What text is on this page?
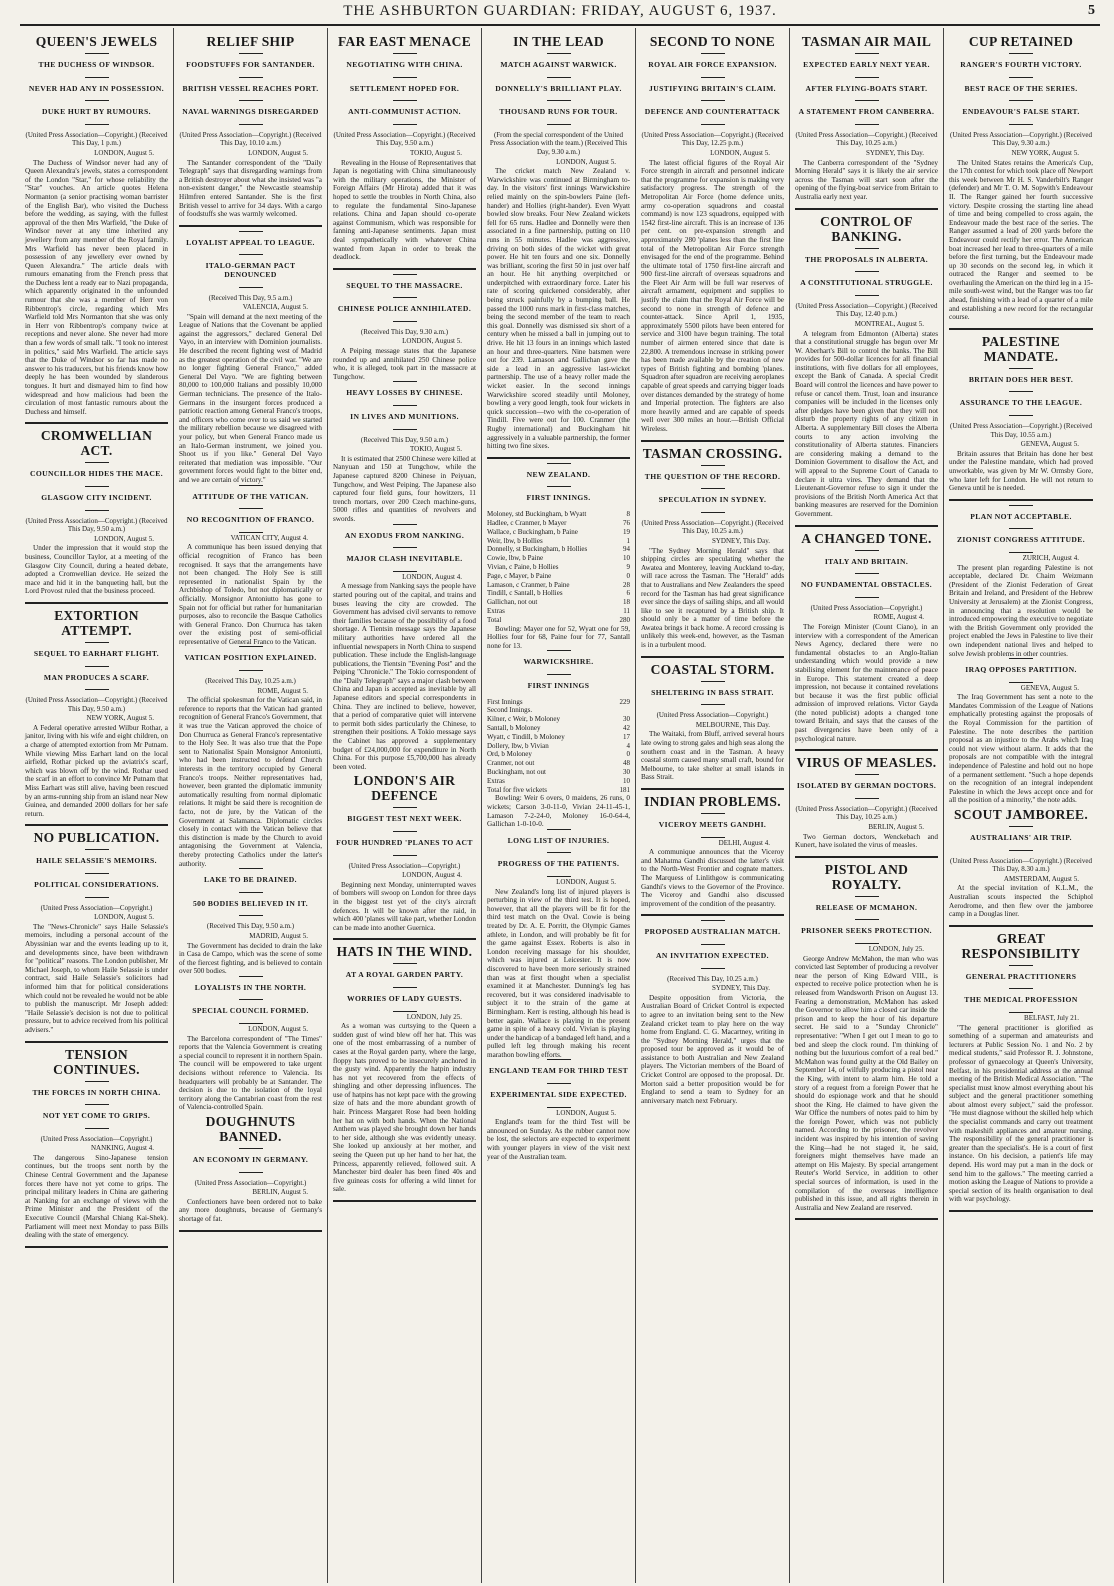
THE ASHBURTON GUARDIAN: FRIDAY, AUGUST 6, 1937.	5
QUEEN'S JEWELS
THE DUCHESS OF WINDSOR.
NEVER HAD ANY IN POSSESSION.
DUKE HURT BY RUMOURS.
(United Press Association—Copyright.) (Received This Day, 1 p.m.)
LONDON, August 5.
The Duchess of Windsor never had any of Queen Alexandra's jewels, states a correspondent of the London "Star," for whose reliability the "Star" vouches. An article quotes Helena Normanton (a senior practising woman barrister of the English Bar), who visited the Duchess before the wedding, as saying, with the fullest approval of the then Mrs Warfield, "the Duke of Windsor never at any time inherited any jewellery from any member of the Royal family. Mrs Warfield has never been placed in possession of any jewellery ever owned by Queen Alexandra." The article deals with rumours emanating from the French press that the Duchess lent a ready ear to Nazi propaganda, which apparently originated in the unfounded rumour that she was a member of Herr von Ribbentrop's circle, regarding which Mrs Warfield told Mrs Normanton that she was only in Herr von Ribbentrop's company twice at receptions and never alone. She never had more than a few words of small talk. "I took no interest in politics," said Mrs Warfield. The article says that the Duke of Windsor so far has made no answer to his traducers, but his friends know how deeply he has been wounded by slanderous tongues. It hurt and dismayed him to find how widespread and how malicious had been the circulation of most fantastic rumours about the Duchess and himself.
CROMWELLIAN ACT.
COUNCILLOR HIDES THE MACE.
GLASGOW CITY INCIDENT.
(United Press Association—Copyright.) (Received This Day, 9.50 a.m.)
LONDON, August 5.
Under the impression that it would stop the business, Councillor Taylor, at a meeting of the Glasgow City Council, during a heated debate, adopted a Cromwellian device. He seized the mace and hid it in the banqueting hall, but the Lord Provost ruled that the business proceed.
EXTORTION ATTEMPT.
SEQUEL TO EARHART FLIGHT.
MAN PRODUCES A SCARF.
(United Press Association—Copyright.) (Received This Day, 9.50 a.m.)
NEW YORK, August 5.
A Federal operative arrested Wilbur Rothar, a janitor, living with his wife and eight children, on a charge of attempted extortion from Mr Putnam. While viewing Miss Earhart land on the local airfield, Rothar picked up the aviatrix's scarf, which was blown off by the wind. Rothar used the scarf in an effort to convince Mr Putnam that Miss Earhart was still alive, having been rescued by an arms-running ship from an island near New Guinea, and demanded 2000 dollars for her safe return.
NO PUBLICATION.
HAILE SELASSIE'S MEMOIRS.
POLITICAL CONSIDERATIONS.
(United Press Association—Copyright.)
LONDON, August 5.
The "News-Chronicle" says Haile Selassie's memoirs, including a personal account of the Abyssinian war and the events leading up to it, and developments since, have been withdrawn for "political" reasons. The London publisher, Mr Michael Joseph, to whom Haile Selassie is under contract, said Haile Selassie's solicitors had informed him that for political considerations which could not be revealed he would not be able to publish the manuscript. Mr Joseph added: "Haile Selassie's decision is not due to political pressure, but to advice received from his political advisers."
TENSION CONTINUES.
THE FORCES IN NORTH CHINA.
NOT YET COME TO GRIPS.
(United Press Association—Copyright.)
NANKING, August 4.
The dangerous Sino-Japanese tension continues, but the troops sent north by the Chinese Central Government and the Japanese forces there have not yet come to grips. The principal military leaders in China are gathering at Nanking for an exchange of views with the Prime Minister and the President of the Executive Council (Marshal Chiang Kai-Shek). Parliament will meet next Monday to pass Bills dealing with the state of emergency.
RELIEF SHIP
FOODSTUFFS FOR SANTANDER.
BRITISH VESSEL REACHES PORT.
NAVAL WARNINGS DISREGARDED
(United Press Association—Copyright.) (Received This Day, 10.10 a.m.)
LONDON, August 5.
The Santander correspondent of the "Daily Telegraph" says that disregarding warnings from a British destroyer about what she insisted was "a non-existent danger," the Newcastle steamship Hilmfren entered Santander. She is the first British vessel to arrive for 34 days. With a cargo of foodstuffs she was warmly welcomed.
LOYALIST APPEAL TO LEAGUE.
ITALO-GERMAN PACT DENOUNCED
(Received This Day, 9.5 a.m.)
VALENCIA, August 5.
"Spain will demand at the next meeting of the League of Nations that the Covenant be applied against the aggressors," declared General Del Vayo, in an interview with Dominion journalists. He described the recent fighting west of Madrid as the greatest operation of the civil war. "We are no longer fighting General Franco," added General Del Vayo. "We are fighting between 80,000 to 100,000 Italians and possibly 10,000 German technicians. The presence of the Italo-Germans in the insurgent forces produced a patriotic reaction among General Franco's troops, and officers who come over to us said we started the military rebellion because we disagreed with your policy, but when General Franco made us an Italo-German instrument, we joined you. Shoot us if you like." General Del Vayo reiterated that mediation was impossible. "Our government forces would fight to the bitter end, and we are certain of victory."
ATTITUDE OF THE VATICAN.
NO RECOGNITION OF FRANCO.
VATICAN CITY, August 4.
A communique has been issued denying that official recognition of Franco has been recognised. It says that the arrangements have not been changed. The Holy See is still represented in nationalist Spain by the Archbishop of Toledo, but not diplomatically or officially. Monsignor Antoniutto has gone to Spain not for official but rather for humanitarian purposes, also to reconcile the Basque Catholics with General Franco. Don Churruca has taken over the existing post of semi-official representative of General Franco to the Vatican.
VATICAN POSITION EXPLAINED.
(Received This Day, 10.25 a.m.)
ROME, August 5.
The official spokesman for the Vatican said, in reference to reports that the Vatican had granted recognition of General Franco's Government, that it was true the Vatican approved the choice of Don Churruca as General Franco's representative to the Holy See. It was also true that the Pope sent to Nationalist Spain Monsignor Antoniutti, who had been instructed to defend Church interests in the territory occupied by General Franco's troops. Neither representatives had, however, been granted the diplomatic immunity automatically resulting from normal diplomatic relations. It might be said there is recognition de facto, not de jure, by the Vatican of the Government at Salamanca. Diplomatic circles closely in contact with the Vatican believe that this distinction is made by the Church to avoid antagonising the Government at Valencia, thereby protecting Catholics under the latter's authority.
LAKE TO BE DRAINED.
500 BODIES BELIEVED IN IT.
(Received This Day, 9.50 a.m.)
MADRID, August 5.
The Government has decided to drain the lake in Casa de Campo, which was the scene of some of the fiercest fighting, and is believed to contain over 500 bodies.
LOYALISTS IN THE NORTH.
SPECIAL COUNCIL FORMED.
LONDON, August 5.
The Barcelona correspondent of "The Times" reports that the Valencia Government is creating a special council to represent it in northern Spain. The council will be empowered to take urgent decisions without reference to Valencia. Its headquarters will probably be at Santander. The decision is due to the isolation of the loyal territory along the Cantabrian coast from the rest of Valencia-controlled Spain.
DOUGHNUTS BANNED.
AN ECONOMY IN GERMANY.
(United Press Association—Copyright.)
BERLIN, August 5.
Confectioners have been ordered not to bake any more doughnuts, because of Germany's shortage of fat.
FAR EAST MENACE
NEGOTIATING WITH CHINA.
SETTLEMENT HOPED FOR.
ANTI-COMMUNIST ACTION.
(United Press Association—Copyright.) (Received This Day, 9.50 a.m.)
TOKIO, August 5.
Revealing in the House of Representatives that Japan is negotiating with China simultaneously with the military operations, the Minister of Foreign Affairs (Mr Hirota) added that it was hoped to settle the troubles in North China, also to regulate the fundamental Sino-Japanese relations. China and Japan should co-operate against Communism, which was responsible for fanning anti-Japanese sentiments. Japan must deal sympathetically with whatever China wanted from Japan in order to break the deadlock.
SEQUEL TO THE MASSACRE.
CHINESE POLICE ANNIHILATED.
(Received This Day, 9.30 a.m.)
LONDON, August 5.
A Peiping message states that the Japanese rounded up and annihilated 250 Chinese police who, it is alleged, took part in the massacre at Tungchow.
HEAVY LOSSES BY CHINESE.
IN LIVES AND MUNITIONS.
(Received This Day, 9.50 a.m.)
TOKIO, August 5.
It is estimated that 2500 Chinese were killed at Nanyuan and 150 at Tungchow, while the Japanese captured 8200 Chinese in Peiyuan, Tungchow, and West Peiping. The Japanese also captured four field guns, four howitzers, 11 trench mortars, over 200 Czech machine-guns, 5000 rifles and quantities of revolvers and swords.
AN EXODUS FROM NANKING.
MAJOR CLASH INEVITABLE.
LONDON, August 4.
A message from Nanking says the people have started pouring out of the capital, and trains and buses leaving the city are crowded. The Government has advised civil servants to remove their families because of the possibility of a food shortage. A Tientsin message says the Japanese military authorities have ordered all the influential newspapers in North China to suspend publication. These include the English-language publications, the Tientsin "Evening Post" and the Peiping "Chronicle." The Tokio correspondent of the "Daily Telegraph" says a major clash between China and Japan is accepted as inevitable by all Japanese editors and special correspondents in China. They are inclined to believe, however, that a period of comparative quiet will intervene to permit both sides particularly the Chinese, to strengthen their positions. A Tokio message says the Cabinet has approved a supplementary budget of £24,000,000 for expenditure in North China. For this purpose £5,700,000 has already been voted.
LONDON'S AIR DEFENCE
BIGGEST TEST NEXT WEEK.
FOUR HUNDRED 'PLANES TO ACT
(United Press Association—Copyright.)
LONDON, August 4.
Beginning next Monday, uninterrupted waves of bombers will swoop on London for three days in the biggest test yet of the city's aircraft defences. It will be known after the raid, in which 400 'planes will take part, whether London can be made into another Guernica.
HATS IN THE WIND.
AT A ROYAL GARDEN PARTY.
WORRIES OF LADY GUESTS.
LONDON, July 25.
As a woman was curtsying to the Queen a sudden gust of wind blew off her hat. This was one of the most embarrassing of a number of cases at the Royal garden party, where the large, floppy hats proved to be insecurely anchored in the gusty wind. Apparently the hatpin industry has not yet recovered from the effects of shingling and other depressing influences. The use of hatpins has not kept pace with the growing size of hats and the more abundant growth of hair. Princess Margaret Rose had been holding her hat on with both hands. When the National Anthem was played she brought down her hands to her side, although she was evidently uneasy. She looked up anxiously at her mother, and seeing the Queen put up her hand to her hat, the Princess, apparently relieved, followed suit. A Manchester bird dealer has been fined 40s and five guineas costs for offering a wild linnet for sale.
IN THE LEAD
MATCH AGAINST WARWICK.
DONNELLY'S BRILLIANT PLAY.
THOUSAND RUNS FOR TOUR.
(From the special correspondent of the United Press Association with the team.) (Received This Day, 9.30 a.m.)
LONDON, August 5.
The cricket match New Zealand v. Warwickshire was continued at Birmingham to-day. In the visitors' first innings Warwickshire relied mainly on the spin-bowlers Paine (left-hander) and Hollies (right-hander). Even Wyatt bowled slow breaks. Four New Zealand wickets fell for 65 runs. Hadlee and Donnelly were then associated in a fine partnership, putting on 110 runs in 55 minutes. Hadlee was aggressive, driving on both sides of the wicket with great power. He hit ten fours and one six. Donnelly was brilliant, scoring the first 50 in just over half an hour. He hit anything overpitched or underpitched with extraordinary force. Later his rate of scoring quickened considerably, after being struck painfully by a bumping ball. He passed the 1000 runs mark in first-class matches, being the second member of the team to reach this goal. Donnelly was dismissed six short of a century when he missed a ball in jumping out to drive. He hit 13 fours in an innings which lasted an hour and three-quarters. Nine batsmen were out for 239. Lamason and Gallichan gave the side a lead in an aggressive last-wicket partnership. The use of a heavy roller made the wicket easier. In the second innings Warwickshire scored steadily until Moloney, bowling a very good length, took four wickets in quick succession—two with the co-operation of Tindill. Five were out for 100. Cranmer (the Rugby international) and Buckingham hit aggressively in a valuable partnership, the former hitting two fine sixes.
NEW ZEALAND.
FIRST INNINGS.
Moloney, std Buckingham, b Wyatt	8
Hadlee, c Cranmer, b Mayer	76
Wallace, c Buckingham, b Paine	19
Weir, lbw, b Hollies	1
Donnelly, st Buckingham, b Hollies	94
Cowie, lbw, b Paine	10
Vivian, c Paine, b Hollies	9
Page, c Mayer, b Paine	0
Lamason, c Cranmer, b Paine	28
Tindill, c Santall, b Hollies	6
Gallichan, not out	18
Extras	11
Total	280
Bowling: Mayer one for 52, Wyatt one for 59, Hollies four for 68, Paine four for 77, Santall none for 13.
WARWICKSHIRE.
FIRST INNINGS
First Innings	229
Second Innings.
Kilner, c Weir, b Moloney	30
Santall, b Moloney	42
Wyatt, c Tindill, b Moloney	17
Dollery, lbw, b Vivian	4
Ord, b Moloney	0
Cranmer, not out	48
Buckingham, not out	30
Extras	10
Total for five wickets	181
Bowling: Weir 6 overs, 0 maidens, 26 runs, 0 wickets; Carson 3-0-11-0, Vivian 24-11-45-1, Lamason 7-2-24-0, Moloney 16-0-64-4, Gallichan 1-0-10-0.
LONG LIST OF INJURIES.
PROGRESS OF THE PATIENTS.
LONDON, August 5.
New Zealand's long list of injured players is perturbing in view of the third test. It is hoped, however, that all the players will be fit for the third test match on the Oval. Cowie is being treated by Dr. A. E. Porritt, the Olympic Games athlete, in London, and will probably be fit for the game against Essex. Roberts is also in London receiving massage for his shoulder, which was injured at Leicester. It is now discovered to have been more seriously strained than was at first thought when a specialist examined it at Manchester. Dunning's leg has recovered, but it was considered inadvisable to subject it to the strain of the game at Birmingham. Kerr is resting, although his head is better again. Wallace is playing in the present game in spite of a heavy cold. Vivian is playing under the handicap of a bandaged left hand, and a pulled left leg through making his recent marathon bowling efforts.
ENGLAND TEAM FOR THIRD TEST
EXPERIMENTAL SIDE EXPECTED.
LONDON, August 5.
England's team for the third Test will be announced on Sunday. As the rubber cannot now be lost, the selectors are expected to experiment with younger players in view of the visit next year of the Australian team.
SECOND TO NONE
ROYAL AIR FORCE EXPANSION.
JUSTIFYING BRITAIN'S CLAIM.
DEFENCE AND COUNTERATTACK
(United Press Association—Copyright.) (Received This Day, 12.25 p.m.)
LONDON, August 5.
The latest official figures of the Royal Air Force strength in aircraft and personnel indicate that the programme for expansion is making very satisfactory progress. The strength of the Metropolitan Air Force (home defence units, army co-operation squadrons and coastal command) is now 123 squadrons, equipped with 1542 first-line aircraft. This is an increase of 136 per cent. on pre-expansion strength and approximately 280 'planes less than the first line total of the Metropolitan Air Force strength envisaged for the end of the programme. Behind the ultimate total of 1750 first-line aircraft and 900 first-line aircraft of overseas squadrons and the Fleet Air Arm will be full war reserves of aircraft armament, equipment and supplies to justify the claim that the Royal Air Force will be second to none in strength of defence and counter-attack. Since April 1, 1935, approximately 5500 pilots have been entered for service and 3100 have begun training. The total number of airmen entered since that date is 22,800. A tremendous increase in striking power has been made available by the creation of new types of British fighting and bombing 'planes. Squadron after squadron are receiving aeroplanes capable of great speeds and carrying bigger loads over distances demanded by the strategy of home and Imperial protection. The fighters are also more heavily armed and are capable of speeds well over 300 miles an hour.—British Official Wireless.
TASMAN CROSSING.
THE QUESTION OF THE RECORD.
SPECULATION IN SYDNEY.
(United Press Association—Copyright.) (Received This Day, 10.25 a.m.)
SYDNEY, This Day.
"The Sydney Morning Herald" says that shipping circles are speculating whether the Awatea and Monterey, leaving Auckland to-day, will race across the Tasman. The "Herald" adds that to Australians and New Zealanders the speed record for the Tasman has had great significance ever since the days of sailing ships, and all would like to see it recaptured by a British ship. It should only be a matter of time before the Awatea brings it back home. A record crossing is unlikely this week-end, however, as the Tasman is in a turbulent mood.
COASTAL STORM.
SHELTERING IN BASS STRAIT.
(United Press Association—Copyright.)
MELBOURNE, This Day.
The Waitaki, from Bluff, arrived several hours late owing to strong gales and high seas along the southern coast and in the Tasman. A heavy coastal storm caused many small craft, bound for Melbourne, to take shelter at small islands in Bass Strait.
INDIAN PROBLEMS.
VICEROY MEETS GANDHI.
DELHI, August 4.
A communique announces that the Viceroy and Mahatma Gandhi discussed the latter's visit to the North-West Frontier and cognate matters. The Marquess of Linlithgow is communicating Gandhi's views to the Governor of the Province. The Viceroy and Gandhi also discussed improvement of the condition of the peasantry.
PROPOSED AUSTRALIAN MATCH.
AN INVITATION EXPECTED.
(Received This Day, 10.25 a.m.)
SYDNEY, This Day.
Despite opposition from Victoria, the Australian Board of Cricket Control is expected to agree to an invitation being sent to the New Zealand cricket team to play here on the way home from England. C. G. Macartney, writing in the "Sydney Morning Herald," urges that the proposed tour be approved as it would be of assistance to both Australian and New Zealand players. The Victorian members of the Board of Cricket Control are opposed to the proposal. Dr. Morton said a better proposition would be for England to send a team to Sydney for an anniversary match next February.
TASMAN AIR MAIL
EXPECTED EARLY NEXT YEAR.
AFTER FLYING-BOATS START.
A STATEMENT FROM CANBERRA.
(United Press Association—Copyright.) (Received This Day, 10.25 a.m.)
SYDNEY, This Day.
The Canberra correspondent of the "Sydney Morning Herald" says it is likely the air service across the Tasman will start soon after the opening of the flying-boat service from Britain to Australia early next year.
CONTROL OF BANKING.
THE PROPOSALS IN ALBERTA.
A CONSTITUTIONAL STRUGGLE.
(United Press Association—Copyright.) (Received This Day, 12.40 p.m.)
MONTREAL, August 5.
A telegram from Edmonton (Alberta) states that a constitutional struggle has begun over Mr W. Aberhart's Bill to control the banks. The Bill provides for 500-dollar licences for all financial institutions, with five dollars for all employees, except the Bank of Canada. A special Credit Board will control the licences and have power to refuse or cancel them. Trust, loan and insurance companies will be included in the licenses only after pledges have been given that they will not disturb the property rights of any citizen in Alberta. A supplementary Bill closes the Alberta courts to any action involving the constitutionality of Alberta statutes. Financiers are considering making a demand to the Dominion Government to disallow the Act, and will appeal to the Supreme Court of Canada to declare it ultra vires. They demand that the Lieutenant-Governor refuse to sign it under the provisions of the British North America Act that banking measures are reserved for the Dominion Government.
A CHANGED TONE.
ITALY AND BRITAIN.
NO FUNDAMENTAL OBSTACLES.
(United Press Association—Copyright.)
ROME, August 4.
The Foreign Minister (Count Ciano), in an interview with a correspondent of the American News Agency, declared there were no fundamental obstacles to an Anglo-Italian understanding which would provide a new stabilising element for the maintenance of peace in Europe. This statement created a deep impression, not because it contained revelations but because it was the first public official admission of improved relations. Victor Gayda (the noted publicist) adopts a changed tone toward Britain, and says that the causes of the past divergencies have been only of a psychological nature.
VIRUS OF MEASLES.
ISOLATED BY GERMAN DOCTORS.
(United Press Association—Copyright.) (Received This Day, 10.25 a.m.)
BERLIN, August 5.
Two German doctors, Wenckebach and Kunert, have isolated the virus of measles.
PISTOL AND ROYALTY.
RELEASE OF MCMAHON.
PRISONER SEEKS PROTECTION.
LONDON, July 25.
George Andrew McMahon, the man who was convicted last September of producing a revolver near the person of King Edward VIII., is expected to receive police protection when he is released from Wandsworth Prison on August 13. Fearing a demonstration, McMahon has asked the Governor to allow him a closed car inside the prison and to keep the hour of his departure secret. He said to a "Sunday Chronicle" representative: "When I get out I mean to go to bed and sleep the clock round. I'm thinking of nothing but the luxurious comfort of a real bed." McMahon was found guilty at the Old Bailey on September 14, of wilfully producing a pistol near the King, with intent to alarm him. He told a story of a request from a foreign Power that he should do espionage work and that he should shoot the King. He claimed to have given the War Office the numbers of notes paid to him by the foreign Power, which was not publicly named. According to the prisoner, the revolver incident was inspired by his intention of saving the King—had he not staged it, he said, foreigners might themselves have made an attempt on His Majesty. By special arrangement Reuter's World Service, in addition to other special sources of information, is used in the compilation of the overseas intelligence published in this issue, and all rights therein in Australia and New Zealand are reserved.
CUP RETAINED
RANGER'S FOURTH VICTORY.
BEST RACE OF THE SERIES.
ENDEAVOUR'S FALSE START.
(United Press Association—Copyright.) (Received This Day, 9.30 a.m.)
NEW YORK, August 5.
The United States retains the America's Cup, the 17th contest for which took place off Newport this week between Mr H. S. Vanderbilt's Ranger (defender) and Mr T. O. M. Sopwith's Endeavour II. The Ranger gained her fourth successive victory. Despite crossing the starting line ahead of time and being compelled to cross again, the Endeavour made the best race of the series. The Ranger assumed a lead of 200 yards before the Endeavour could rectify her error. The American boat increased her lead to three-quarters of a mile before the first turning, but the Endeavour made up 30 seconds on the second leg, in which it outraced the Ranger and seemed to be overhauling the American on the third leg in a 15-mile south-west wind, but the Ranger was too far ahead, finishing with a lead of a quarter of a mile and establishing a new record for the rectangular course.
PALESTINE MANDATE.
BRITAIN DOES HER BEST.
ASSURANCE TO THE LEAGUE.
(United Press Association—Copyright.) (Received This Day, 10.55 a.m.)
GENEVA, August 5.
Britain assures that Britain has done her best under the Palestine mandate, which had proved unworkable, was given by Mr W. Ormsby Gore, who later left for London. He will not return to Geneva until he is needed.
PLAN NOT ACCEPTABLE.
ZIONIST CONGRESS ATTITUDE.
ZURICH, August 4.
The present plan regarding Palestine is not acceptable, declared Dr. Chaim Weizmann (President of the Zionist Federation of Great Britain and Ireland, and President of the Hebrew University at Jerusalem) at the Zionist Congress, in announcing that a resolution would be introduced empowering the executive to negotiate with the British Government only provided the project enabled the Jews in Palestine to live their own independent national lives and helped to solve Jewish problems in other countries.
IRAQ OPPOSES PARTITION.
GENEVA, August 5.
The Iraq Government has sent a note to the Mandates Commission of the League of Nations emphatically protesting against the proposals of the Royal Commission for the partition of Palestine. The note describes the partition proposal as an injustice to the Arabs which Iraq could not view without alarm. It adds that the proposals are not compatible with the integral independence of Palestine and hold out no hope of a permanent settlement. "Such a hope depends on the recognition of an integral independent Palestine in which the Jews accept once and for all the position of a minority," the note adds.
SCOUT JAMBOREE.
AUSTRALIANS' AIR TRIP.
(United Press Association—Copyright.) (Received This Day, 8.30 a.m.)
AMSTERDAM, August 5.
At the special invitation of K.L.M., the Australian scouts inspected the Schiphol Aerodrome, and then flew over the jamboree camp in a Douglas liner.
GREAT RESPONSIBILITY
GENERAL PRACTITIONERS
THE MEDICAL PROFESSION
BELFAST, July 21.
"The general practitioner is glorified as something of a superman and amateurists and lecturers at Public Session No. 1 and No. 2 by medical students," said Professor R. J. Johnstone, professor of gynaecology at Queen's University, Belfast, in his presidential address at the annual meeting of the British Medical Association. "The specialist must know almost everything about his subject and the general practitioner something about almost every subject," said the professor. "He must diagnose without the skilled help which the specialist commands and carry out treatment with makeshift appliances and amateur nursing. The responsibility of the general practitioner is greater than the specialist's. He is a court of first instance. On his decision, a patient's life may depend. His word may put a man in the dock or send him to the gallows." The meeting carried a motion asking the League of Nations to provide a special section of its health organisation to deal with war psychology.
